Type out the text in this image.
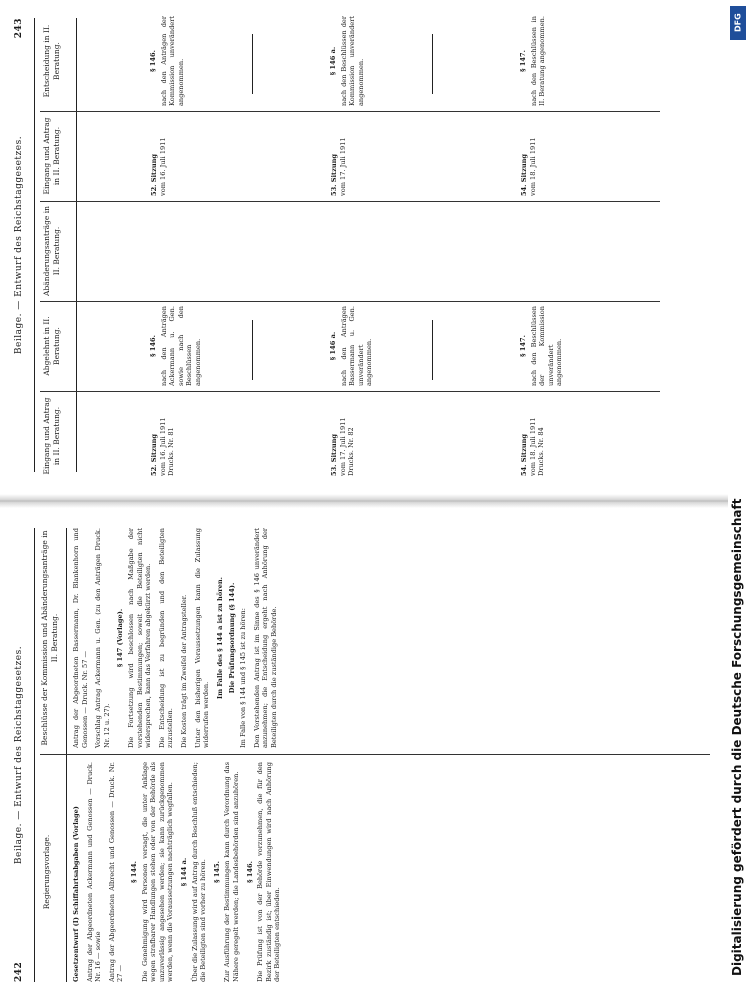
242
Beilage. — Entwurf des Reichstaggesetzes.
Regierungsvorlage.
Beschlüsse der Kommission und Abänderungsanträge in II. Beratung.

Gesetzentwurf (I) Schiffahrtsabgaben (Vorlage) Antrag der Abgeordneten Ackermann und Genossen — Druck. Nr. 16 — sowie Antrag der Abgeordneten Albrecht und Genossen — Druck. Nr. 27 —

§ 144. Die Genehmigung wird Personen versagt, die unter Anklage wegen strafbarer Handlungen stehen oder von der Behörde als unzuverlässig angesehen werden; sie kann zurückgenommen werden, wenn die Voraussetzungen nachträglich wegfallen. § 144 a. Über die Zulassung wird auf Antrag durch Beschluß entschieden; die Beteiligten sind vorher zu hören. § 145. Zur Ausführung der Bestimmungen kann durch Verordnung das Nähere geregelt werden; die Landesbehörden sind anzuhören. § 146. Die Prüfung ist von der Behörde vorzunehmen, die für den Bezirk zuständig ist; über Einwendungen wird nach Anhörung der Beteiligten entschieden.

Antrag der Abgeordneten Bassermann, Dr. Blankenhorn und Genossen — Druck. Nr. 57 — Vorschlag Antrag Ackermann u. Gen. (zu den Anträgen Druck. Nr. 12 u. 27).

§ 147 (Vorlage). Die Fortsetzung wird beschlossen nach Maßgabe der vorstehenden Bestimmungen; soweit die Beteiligten nicht widersprechen, kann das Verfahren abgekürzt werden. Die Entscheidung ist zu begründen und den Beteiligten zuzustellen. Die Kosten trägt im Zweifel der Antragsteller. Unter den bisherigen Voraussetzungen kann die Zulassung widerrufen werden.

Im Falle des § 144 a ist zu hören. Die Prüfungsordnung (§ 144). Im Falle von § 144 und § 145 ist zu hören: Den Vorstehenden Antrag ist im Sinne des § 146 unverändert anzunehmen; die Entscheidung ergeht nach Anhörung der Beteiligten durch die zuständige Behörde.

Beilage. — Entwurf des Reichstaggesetzes.
243
Eingang und Antrag in II. Beratung.
Abgelehnt in II. Beratung.
Abänderungsanträge in II. Beratung.
Eingang und Antrag in II. Beratung.
Entscheidung in II. Beratung.
52. Sitzung vom 16. Juli 1911 Drucks. Nr. 81
§ 146. nach den Anträgen Ackermann u. Gen. sowie nach den Beschlüssen angenommen.

52. Sitzung vom 16. Juli 1911
§ 146. nach den Anträgen der Kommission unverändert angenommen.

53. Sitzung vom 17. Juli 1911 Drucks. Nr. 82
§ 146 a. nach den Anträgen Bassermann u. Gen. unverändert angenommen.

53. Sitzung vom 17. Juli 1911
§ 146 a. nach den Beschlüssen der Kommission unverändert angenommen.

54. Sitzung vom 18. Juli 1911 Drucks. Nr. 84
§ 147. nach den Beschlüssen der Kommission unverändert angenommen.

54. Sitzung vom 18. Juli 1911
§ 147. nach den Beschlüssen in II. Beratung angenommen.	DFG
Digitalisierung gefördert durch die Deutsche Forschungsgemeinschaft
